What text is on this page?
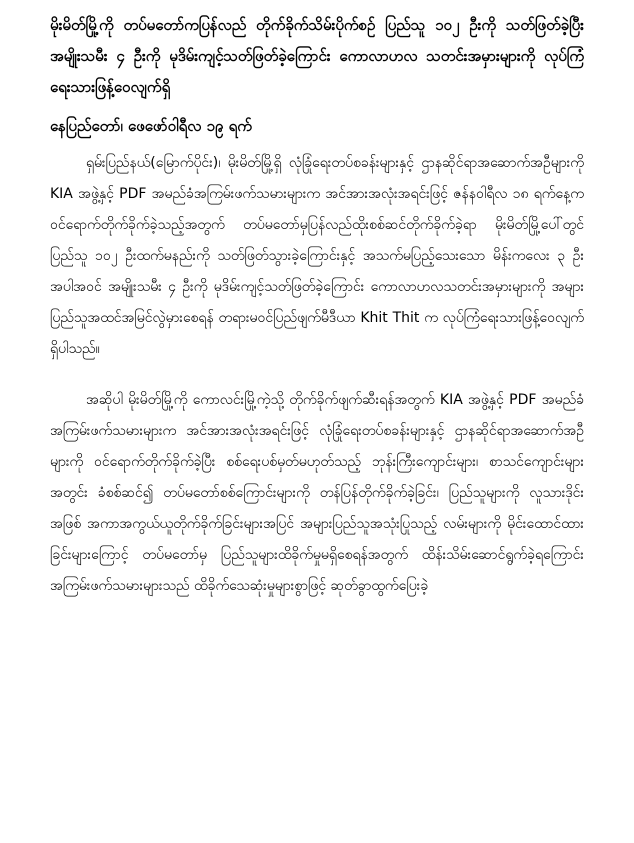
မိုးမိတ်မြို့ကို တပ်မတော်ကပြန်လည် တိုက်ခိုက်သိမ်းပိုက်စဉ် ပြည်သူ ၁၀၂ ဦးကို သတ်ဖြတ်ခဲ့ပြီး အမျိုးသမီး ၄ ဦးကို မုဒိမ်းကျင့်သတ်ဖြတ်ခဲ့ကြောင်း ကောလာဟလ သတင်းအမှားများကို လုပ်ကြံရေးသားဖြန့်ဝေလျက်ရှိ

နေပြည်တော်၊ ဖေဖော်ဝါရီလ ၁၉ ရက်

ရှမ်းပြည်နယ်(မြောက်ပိုင်း)၊ မိုးမိတ်မြို့ရှိ လုံခြုံရေးတပ်စခန်းများနှင့် ဌာနဆိုင်ရာအဆောက်အဦများကို KIA အဖွဲ့နှင့် PDF အမည်ခံအကြမ်းဖက်သမားများက အင်အားအလုံးအရင်းဖြင့် ဇန်နဝါရီလ ၁၈ ရက်နေ့က ဝင်ရောက်တိုက်ခိုက်ခဲ့သည့်အတွက် တပ်မတော်မှပြန်လည်ထိုးစစ်ဆင်တိုက်ခိုက်ခဲ့ရာ မိုးမိတ်မြို့ပေါ်တွင် ပြည်သူ ၁၀၂ ဦးထက်မနည်းကို သတ်ဖြတ်သွားခဲ့ကြောင်းနှင့် အသက်မပြည့်သေးသော မိန်းကလေး ၃ ဦးအပါအဝင် အမျိုးသမီး ၄ ဦးကို မုဒိမ်းကျင့်သတ်ဖြတ်ခဲ့ကြောင်း ကောလာဟလသတင်းအမှားများကို အများပြည်သူအထင်အမြင်လွဲမှားစေရန် တရားမဝင်ပြည်ဖျက်မီဒီယာ Khit Thit က လုပ်ကြံရေးသားဖြန့်ဝေလျက်ရှိပါသည်။

အဆိုပါ မိုးမိတ်မြို့ကို ကောလင်းမြို့ကဲ့သို့ တိုက်ခိုက်ဖျက်ဆီးရန်အတွက် KIA အဖွဲ့နှင့် PDF အမည်ခံအကြမ်းဖက်သမားများက အင်အားအလုံးအရင်းဖြင့် လုံခြုံရေးတပ်စခန်းများနှင့် ဌာနဆိုင်ရာအဆောက်အဦများကို ဝင်ရောက်တိုက်ခိုက်ခဲ့ပြီး စစ်ရေးပစ်မှတ်မဟုတ်သည့် ဘုန်းကြီးကျောင်းများ၊ စာသင်ကျောင်းများအတွင်း ခံစစ်ဆင်၍ တပ်မတော်စစ်ကြောင်းများကို တန်ပြန်တိုက်ခိုက်ခဲ့ခြင်း၊ ပြည်သူများကို လူသားဒိုင်းအဖြစ် အကာအကွယ်ယူတိုက်ခိုက်ခြင်းများအပြင် အများပြည်သူအသုံးပြုသည့် လမ်းများကို မိုင်းထောင်ထားခြင်းများကြောင့် တပ်မတော်မှ ပြည်သူများထိခိုက်မှုမရှိစေရန်အတွက် ထိန်းသိမ်းဆောင်ရွက်ခဲ့ရကြောင်း အကြမ်းဖက်သမားများသည် ထိခိုက်သေဆုံးမှုများစွာဖြင့် ဆုတ်ခွာထွက်ပြေးခဲ့
